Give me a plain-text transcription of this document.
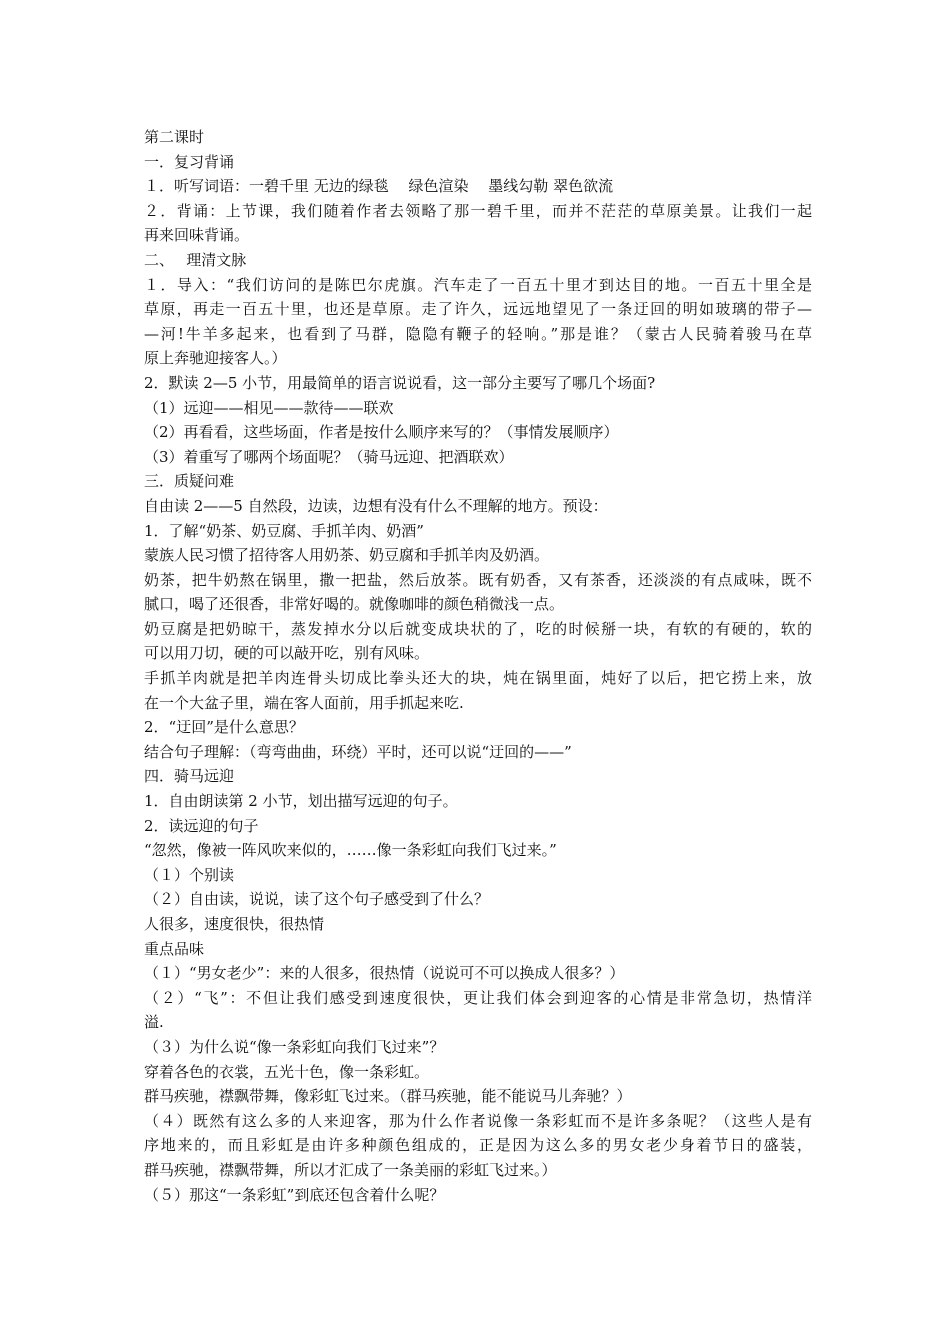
第二课时
一．复习背诵
１．听写词语：一碧千里 无边的绿毯　 绿色渲染　 墨线勾勒 翠色欲流
２．背诵：上节课，我们随着作者去领略了那一碧千里，而并不茫茫的草原美景。让我们一起
再来回味背诵。
二、　 理清文脉
１．导入：“我们访问的是陈巴尔虎旗。汽车走了一百五十里才到达目的地。一百五十里全是
草原，再走一百五十里，也还是草原。走了许久，远远地望见了一条迂回的明如玻璃的带子—
—河!牛羊多起来，也看到了马群，隐隐有鞭子的轻响。”那是谁？（蒙古人民骑着骏马在草
原上奔驰迎接客人。）
2．默读 2—5 小节，用最简单的语言说说看，这一部分主要写了哪几个场面?
（1）远迎——相见——款待——联欢
（2）再看看，这些场面，作者是按什么顺序来写的？（事情发展顺序）
（3）着重写了哪两个场面呢？（骑马远迎、把酒联欢）
三．质疑问难
自由读 2——5 自然段，边读，边想有没有什么不理解的地方。预设：
1．了解“奶茶、奶豆腐、手抓羊肉、奶酒”
蒙族人民习惯了招待客人用奶茶、奶豆腐和手抓羊肉及奶酒。
奶茶，把牛奶熬在锅里，撒一把盐，然后放茶。既有奶香，又有茶香，还淡淡的有点咸味，既不
腻口，喝了还很香，非常好喝的。就像咖啡的颜色稍微浅一点。
奶豆腐是把奶晾干，蒸发掉水分以后就变成块状的了，吃的时候掰一块，有软的有硬的，软的
可以用刀切，硬的可以敲开吃，别有风味。
手抓羊肉就是把羊肉连骨头切成比拳头还大的块，炖在锅里面，炖好了以后，把它捞上来，放
在一个大盆子里，端在客人面前，用手抓起来吃.
2．“迂回”是什么意思？
结合句子理解：（弯弯曲曲，环绕）平时，还可以说“迂回的——”
四．骑马远迎
1．自由朗读第 2 小节，划出描写远迎的句子。
2．读远迎的句子
“忽然，像被一阵风吹来似的，……像一条彩虹向我们飞过来。”
（１）个别读
（２）自由读，说说，读了这个句子感受到了什么？
人很多，速度很快，很热情
重点品味
（１）“男女老少”：来的人很多，很热情（说说可不可以换成人很多？）
（２）“飞”：不但让我们感受到速度很快，更让我们体会到迎客的心情是非常急切，热情洋
溢.
（３）为什么说“像一条彩虹向我们飞过来”？
穿着各色的衣裳，五光十色，像一条彩虹。
群马疾驰，襟飘带舞，像彩虹飞过来。（群马疾驰，能不能说马儿奔驰？）
（４）既然有这么多的人来迎客，那为什么作者说像一条彩虹而不是许多条呢？（这些人是有
序地来的，而且彩虹是由许多种颜色组成的，正是因为这么多的男女老少身着节日的盛装，
群马疾驰，襟飘带舞，所以才汇成了一条美丽的彩虹飞过来。）
（５）那这“一条彩虹”到底还包含着什么呢？
